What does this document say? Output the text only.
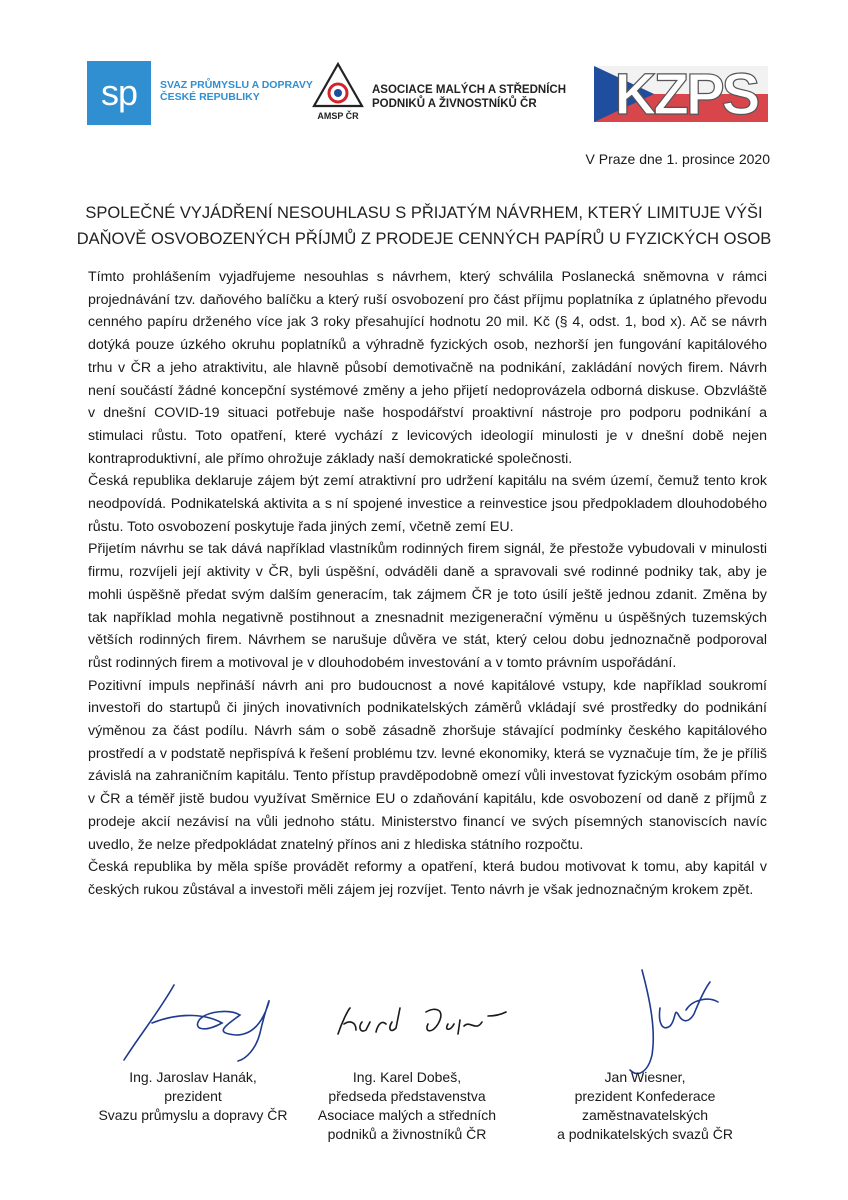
sp SVAZ PRŮMYSLU A DOPRAVY
ČESKÉ REPUBLIKY
AMSP ČR
ASOCIACE MALÝCH A STŘEDNÍCH
PODNIKŮ A ŽIVNOSTNÍKŮ ČR	KZPS
V Praze dne 1. prosince 2020
SPOLEČNÉ VYJÁDŘENÍ NESOUHLASU S PŘIJATÝM NÁVRHEM, KTERÝ LIMITUJE VÝŠI
DAŇOVĚ OSVOBOZENÝCH PŘÍJMŮ Z PRODEJE CENNÝCH PAPÍRŮ U FYZICKÝCH OSOB

Tímto prohlášením vyjadřujeme nesouhlas s návrhem, který schválila Poslanecká sněmovna v rámci projednávání tzv. daňového balíčku a který ruší osvobození pro část příjmu poplatníka z úplatného převodu cenného papíru drženého více jak 3 roky přesahující hodnotu 20 mil. Kč (§ 4, odst. 1, bod x). Ač se návrh dotýká pouze úzkého okruhu poplatníků a výhradně fyzických osob, nezhorší jen fungování kapitálového trhu v ČR a jeho atraktivitu, ale hlavně působí demotivačně na podnikání, zakládání nových firem. Návrh není součástí žádné koncepční systémové změny a jeho přijetí nedoprovázela odborná diskuse. Obzvláště v dnešní COVID-19 situaci potřebuje naše hospodářství proaktivní nástroje pro podporu podnikání a stimulaci růstu. Toto opatření, které vychází z levicových ideologií minulosti je v dnešní době nejen kontraproduktivní, ale přímo ohrožuje základy naší demokratické společnosti.

Česká republika deklaruje zájem být zemí atraktivní pro udržení kapitálu na svém území, čemuž tento krok neodpovídá. Podnikatelská aktivita a s ní spojené investice a reinvestice jsou předpokladem dlouhodobého růstu. Toto osvobození poskytuje řada jiných zemí, včetně zemí EU.

Přijetím návrhu se tak dává například vlastníkům rodinných firem signál, že přestože vybudovali v minulosti firmu, rozvíjeli její aktivity v ČR, byli úspěšní, odváděli daně a spravovali své rodinné podniky tak, aby je mohli úspěšně předat svým dalším generacím, tak zájmem ČR je toto úsilí ještě jednou zdanit. Změna by tak například mohla negativně postihnout a znesnadnit mezigenerační výměnu u úspěšných tuzemských větších rodinných firem. Návrhem se narušuje důvěra ve stát, který celou dobu jednoznačně podporoval růst rodinných firem a motivoval je v dlouhodobém investování a v tomto právním uspořádání.

Pozitivní impuls nepřináší návrh ani pro budoucnost a nové kapitálové vstupy, kde například soukromí investoři do startupů či jiných inovativních podnikatelských záměrů vkládají své prostředky do podnikání výměnou za část podílu. Návrh sám o sobě zásadně zhoršuje stávající podmínky českého kapitálového prostředí a v podstatě nepřispívá k řešení problému tzv. levné ekonomiky, která se vyznačuje tím, že je příliš závislá na zahraničním kapitálu. Tento přístup pravděpodobně omezí vůli investovat fyzickým osobám přímo v ČR a téměř jistě budou využívat Směrnice EU o zdaňování kapitálu, kde osvobození od daně z příjmů z prodeje akcií nezávisí na vůli jednoho státu. Ministerstvo financí ve svých písemných stanoviscích navíc uvedlo, že nelze předpokládat znatelný přínos ani z hlediska státního rozpočtu.

Česká republika by měla spíše provádět reformy a opatření, která budou motivovat k tomu, aby kapitál v českých rukou zůstával a investoři měli zájem jej rozvíjet. Tento návrh je však jednoznačným krokem zpět.

Ing. Jaroslav Hanák,
prezident
Svazu průmyslu a dopravy ČR
Ing. Karel Dobeš,
předseda představenstva
Asociace malých a středních
podniků a živnostníků ČR
Jan Wiesner,
prezident Konfederace
zaměstnavatelských
a podnikatelských svazů ČR
